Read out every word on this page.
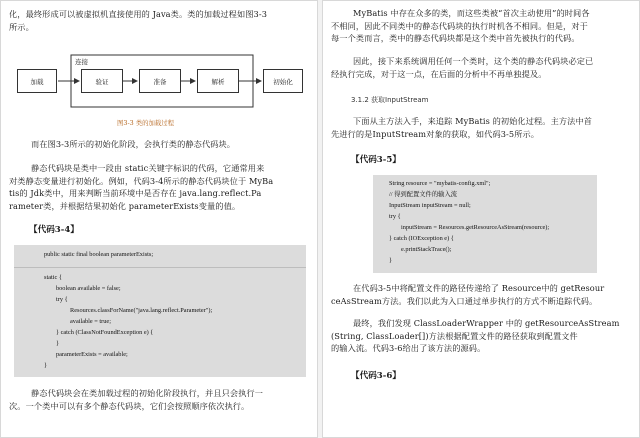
化，最终形成可以被虚拟机直接使用的 Java类。类的加载过程如图3-3
所示。
连接
加载	验证	准备	解析	初始化
图3-3 类的加载过程
而在图3-3所示的初始化阶段，会执行类的静态代码块。
静态代码块是类中一段由 static关键字标识的代码，它通常用来
对类静态变量进行初始化。例如，代码3-4所示的静态代码块位于 MyBa
tis的 Jdk类中，用来判断当前环境中是否存在 java.lang.reflect.Pa
rameter类，并根据结果初始化 parameterExists变量的值。
【代码3-4】
public static final boolean parameterExists;
static {
boolean available = false;
try {
Resources.classForName("java.lang.reflect.Parameter");
available = true;
} catch (ClassNotFoundException e) {
}
parameterExists = available;
}
静态代码块会在类加载过程的初始化阶段执行，并且只会执行一
次。一个类中可以有多个静态代码块，它们会按照顺序依次执行。
MyBatis 中存在众多的类，而这些类被“首次主动使用”的时间各
不相同，因此不同类中的静态代码块的执行时机各不相同。但是，对于
每一个类而言，类中的静态代码块都是这个类中首先被执行的代码。
因此，接下来系统调用任何一个类时，这个类的静态代码块必定已
经执行完成，对于这一点，在后面的分析中不再单独提及。
3.1.2 获取InputStream
下面从主方法入手，来追踪 MyBatis 的初始化过程。主方法中首
先进行的是InputStream对象的获取，如代码3-5所示。
【代码3-5】
String resource = "mybatis-config.xml";
// 得到配置文件的输入流
InputStream inputStream = null;
try {
inputStream = Resources.getResourceAsStream(resource);
} catch (IOException e) {
e.printStackTrace();
}
在代码3-5中将配置文件的路径传递给了 Resource中的 getResour
ceAsStream方法。我们以此为入口通过单步执行的方式不断追踪代码。
最终，我们发现 ClassLoaderWrapper 中的 getResourceAsStream
(String, ClassLoader[])方法根据配置文件的路径获取到配置文件
的输入流。代码3-6给出了该方法的源码。
【代码3-6】
